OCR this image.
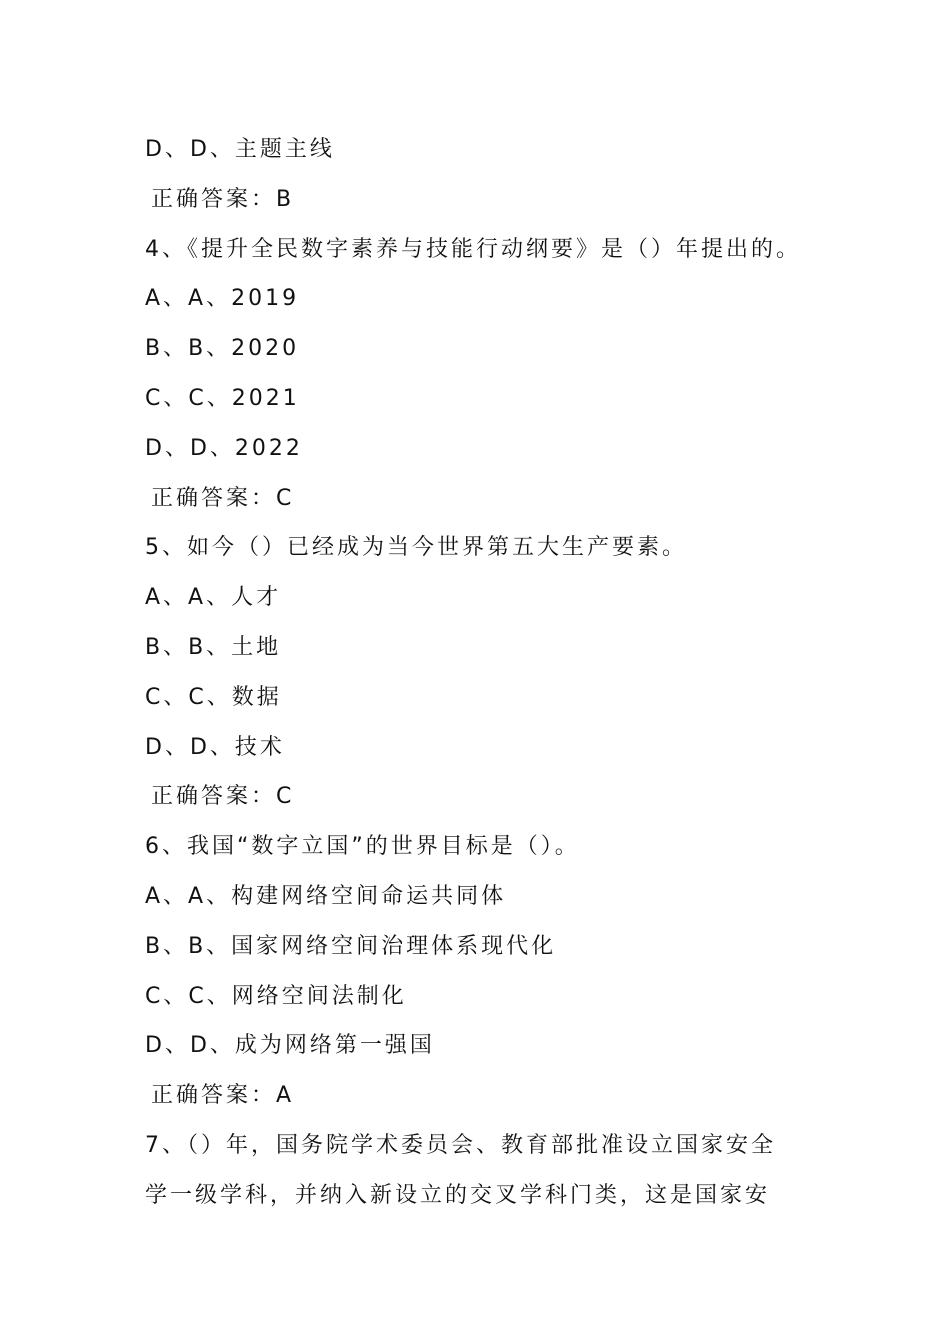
D、D、主题主线
正确答案：B
4、《提升全民数字素养与技能行动纲要》是（）年提出的。
A、A、2019
B、B、2020
C、C、2021
D、D、2022
正确答案：C
5、如今（）已经成为当今世界第五大生产要素。
A、A、人才
B、B、土地
C、C、数据
D、D、技术
正确答案：C
6、我国“数字立国”的世界目标是（）。
A、A、构建网络空间命运共同体
B、B、国家网络空间治理体系现代化
C、C、网络空间法制化
D、D、成为网络第一强国
正确答案：A
7、（）年，国务院学术委员会、教育部批准设立国家安全
学一级学科，并纳入新设立的交叉学科门类，这是国家安
